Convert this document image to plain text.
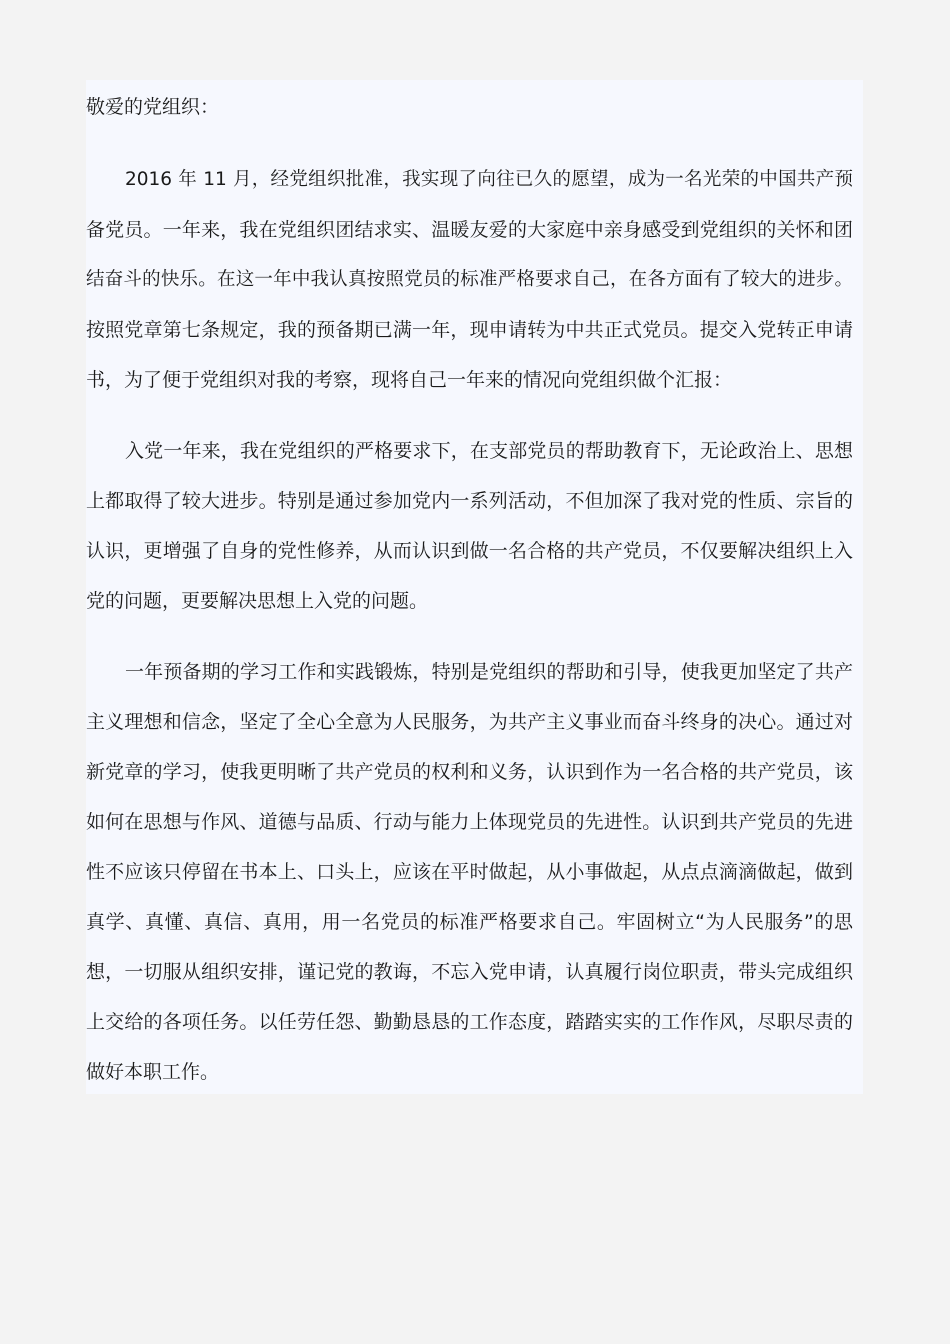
敬爱的党组织：
2016 年 11 月，经党组织批准，我实现了向往已久的愿望，成为一名光荣的中国共产预
备党员。一年来，我在党组织团结求实、温暖友爱的大家庭中亲身感受到党组织的关怀和团
结奋斗的快乐。在这一年中我认真按照党员的标准严格要求自己，在各方面有了较大的进步。
按照党章第七条规定，我的预备期已满一年，现申请转为中共正式党员。提交入党转正申请
书，为了便于党组织对我的考察，现将自己一年来的情况向党组织做个汇报：
入党一年来，我在党组织的严格要求下，在支部党员的帮助教育下，无论政治上、思想
上都取得了较大进步。特别是通过参加党内一系列活动，不但加深了我对党的性质、宗旨的
认识，更增强了自身的党性修养，从而认识到做一名合格的共产党员，不仅要解决组织上入
党的问题，更要解决思想上入党的问题。
一年预备期的学习工作和实践锻炼，特别是党组织的帮助和引导，使我更加坚定了共产
主义理想和信念，坚定了全心全意为人民服务，为共产主义事业而奋斗终身的决心。通过对
新党章的学习，使我更明晰了共产党员的权利和义务，认识到作为一名合格的共产党员，该
如何在思想与作风、道德与品质、行动与能力上体现党员的先进性。认识到共产党员的先进
性不应该只停留在书本上、口头上，应该在平时做起，从小事做起，从点点滴滴做起，做到
真学、真懂、真信、真用，用一名党员的标准严格要求自己。牢固树立“为人民服务”的思
想，一切服从组织安排，谨记党的教诲，不忘入党申请，认真履行岗位职责，带头完成组织
上交给的各项任务。以任劳任怨、勤勤恳恳的工作态度，踏踏实实的工作作风，尽职尽责的
做好本职工作。
